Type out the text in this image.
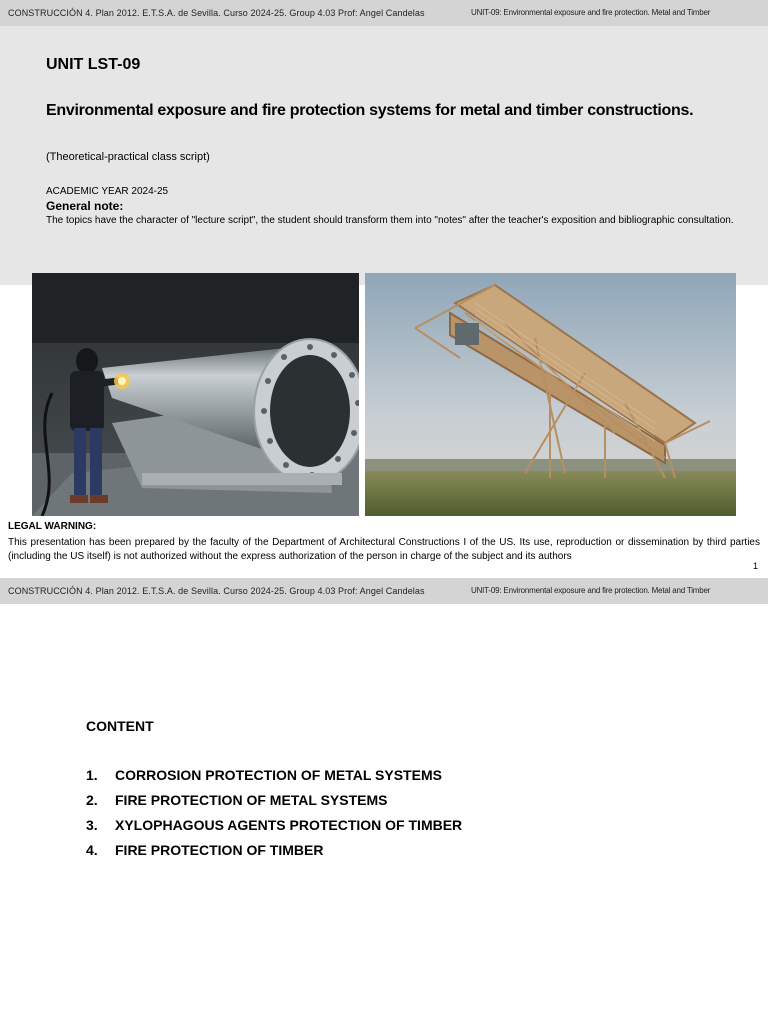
CONSTRUCCIÓN 4. Plan 2012. E.T.S.A. de Sevilla. Curso 2024-25. Group 4.03 Prof: Angel Candelas	UNIT-09: Environmental exposure and fire protection. Metal and Timber
UNIT LST-09
Environmental exposure and fire protection systems for metal and timber constructions.
(Theoretical-practical class script)
ACADEMIC YEAR 2024-25
General note:
The topics have the character of "lecture script", the student should transform them into "notes" after the teacher's exposition and bibliographic consultation.
LEGAL WARNING:
This presentation has been prepared by the faculty of the Department of Architectural Constructions I of the US. Its use, reproduction or dissemination by third parties (including the US itself) is not authorized without the express authorization of the person in charge of the subject and its authors
1
CONSTRUCCIÓN 4. Plan 2012. E.T.S.A. de Sevilla. Curso 2024-25. Group 4.03 Prof: Angel Candelas	UNIT-09: Environmental exposure and fire protection. Metal and Timber
CONTENT
1. CORROSION PROTECTION OF METAL SYSTEMS
2. FIRE PROTECTION OF METAL SYSTEMS
3. XYLOPHAGOUS AGENTS PROTECTION OF TIMBER
4. FIRE PROTECTION OF TIMBER
